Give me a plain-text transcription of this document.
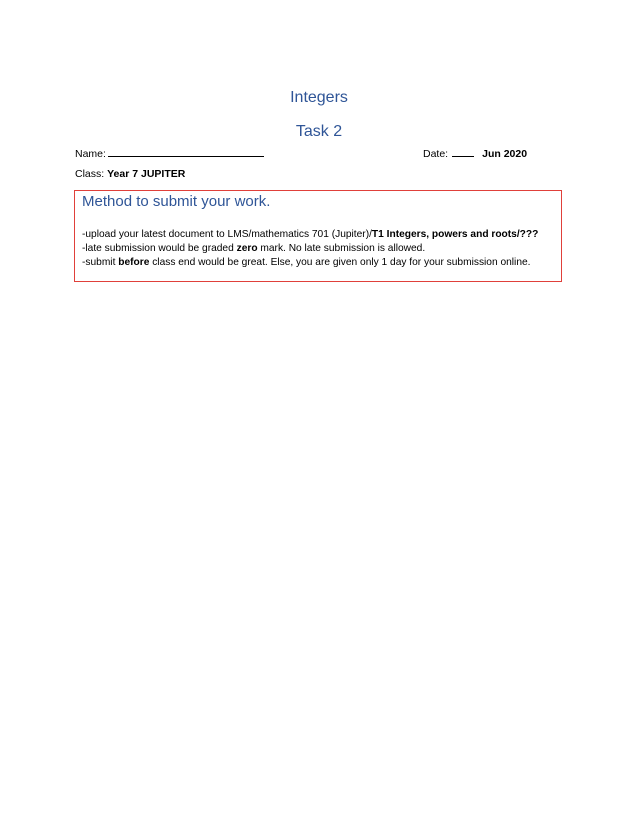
Integers
Task 2
Name:	Date:	Jun 2020
Class: Year 7 JUPITER
Method to submit your work.
-upload your latest document to LMS/mathematics 701 (Jupiter)/T1 Integers, powers and roots/???
-late submission would be graded zero mark. No late submission is allowed.
-submit before class end would be great. Else, you are given only 1 day for your submission online.
